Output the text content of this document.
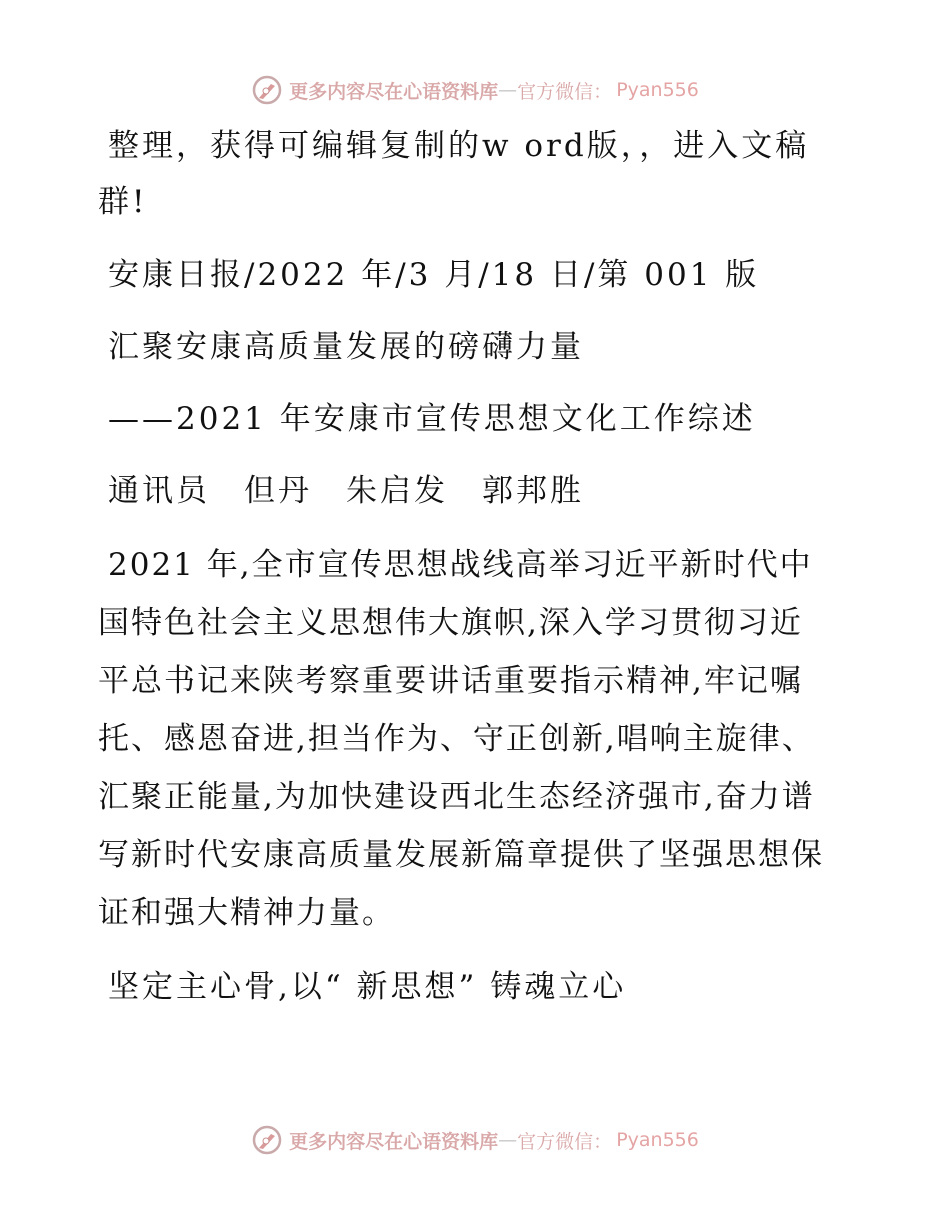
更多内容尽在心语资料库 — 官方微信： Pyan556
整理，获得可编辑复制的w ord版，，进入文稿
群!
安康日报/2022 年/3 月/18 日/第 001 版
汇聚安康高质量发展的磅礴力量
——2021 年安康市宣传思想文化工作综述
通讯员　但丹　朱启发　郭邦胜
2021 年,全市宣传思想战线高举习近平新时代中
国特色社会主义思想伟大旗帜,深入学习贯彻习近
平总书记来陕考察重要讲话重要指示精神,牢记嘱
托、感恩奋进,担当作为、守正创新,唱响主旋律、
汇聚正能量,为加快建设西北生态经济强市,奋力谱
写新时代安康高质量发展新篇章提供了坚强思想保
证和强大精神力量。
坚定主心骨,以“ 新思想” 铸魂立心
更多内容尽在心语资料库 — 官方微信： Pyan556
